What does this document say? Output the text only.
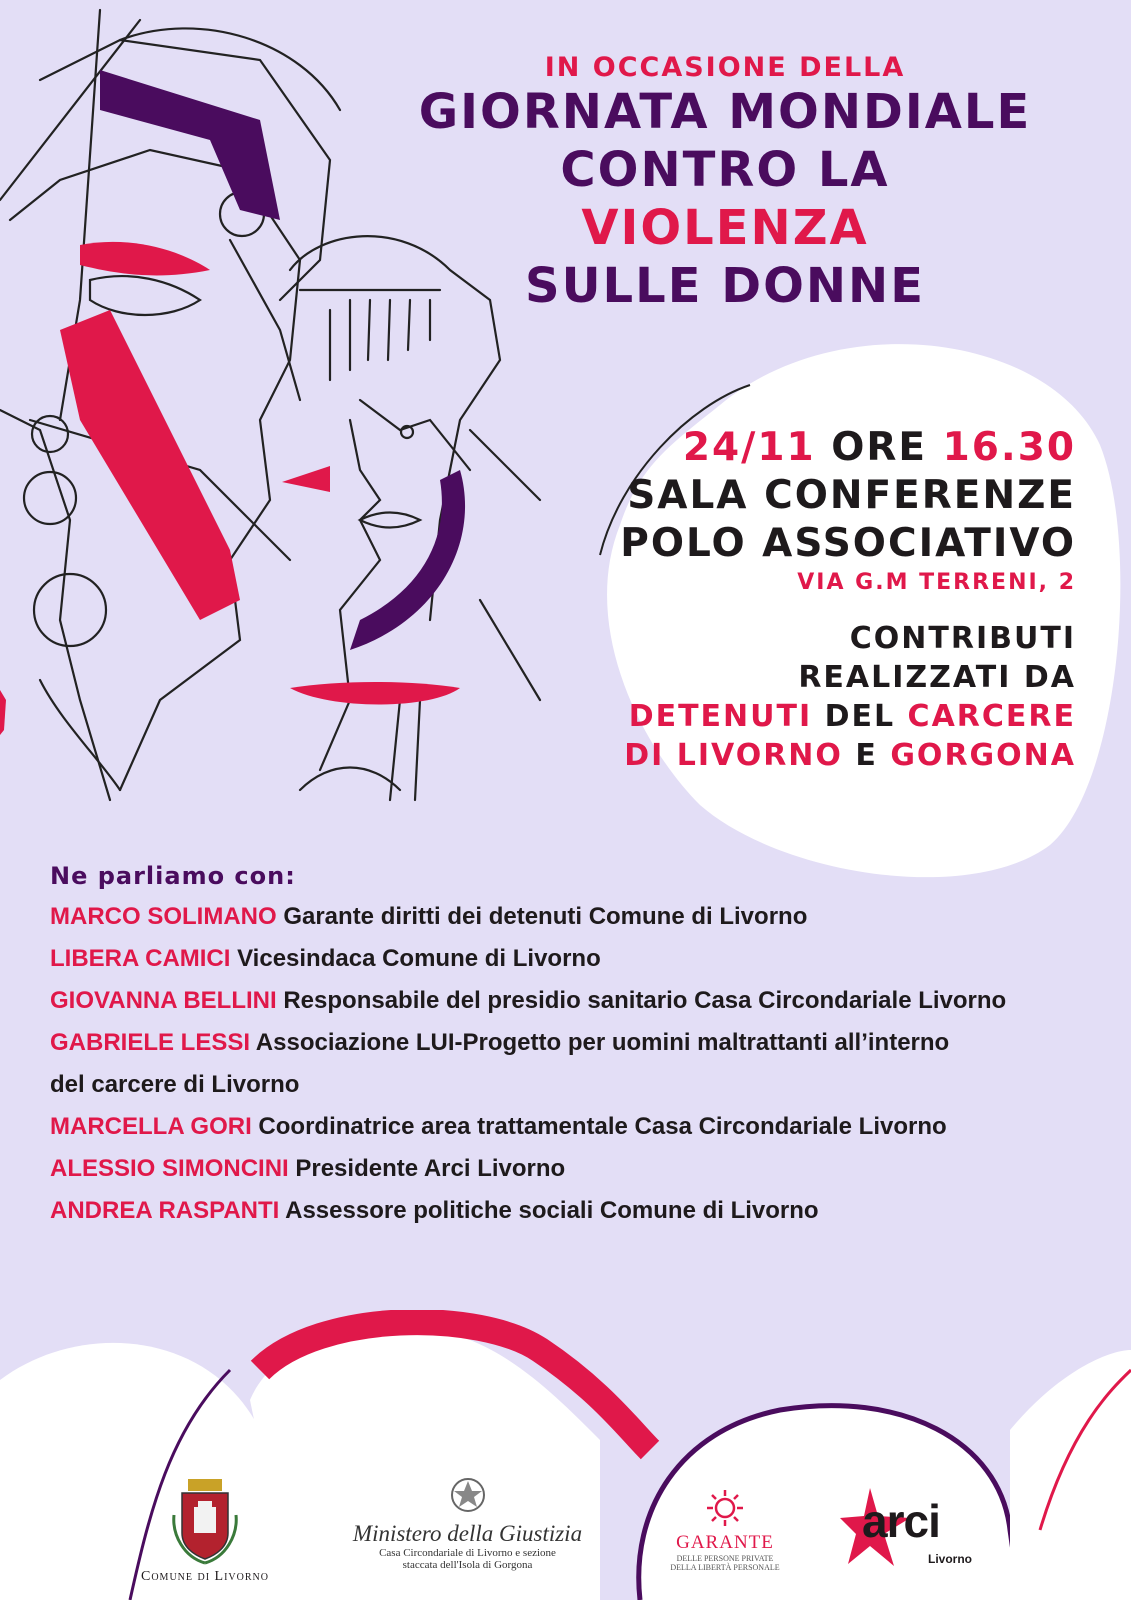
IN OCCASIONE DELLA
GIORNATA MONDIALE
CONTRO LA VIOLENZA
SULLE DONNE
24/11 ORE 16.30
SALA CONFERENZE
POLO ASSOCIATIVO
VIA G.M TERRENI, 2
CONTRIBUTI
REALIZZATI DA
DETENUTI DEL CARCERE
DI LIVORNO E GORGONA
Ne parliamo con:
MARCO SOLIMANO Garante diritti dei detenuti Comune di Livorno
LIBERA CAMICI Vicesindaca Comune di Livorno
GIOVANNA BELLINI Responsabile del presidio sanitario Casa Circondariale Livorno
GABRIELE LESSI Associazione LUI-Progetto per uomini maltrattanti all’interno del carcere di Livorno
MARCELLA GORI Coordinatrice area trattamentale Casa Circondariale Livorno
ALESSIO SIMONCINI Presidente Arci Livorno
ANDREA RASPANTI Assessore politiche sociali Comune di Livorno
Comune di Livorno
Ministero della Giustizia
Casa Circondariale di Livorno e sezione
staccata dell'Isola di Gorgona
GARANTE
DELLE PERSONE PRIVATE
DELLA LIBERTÀ PERSONALE
arci
Livorno
